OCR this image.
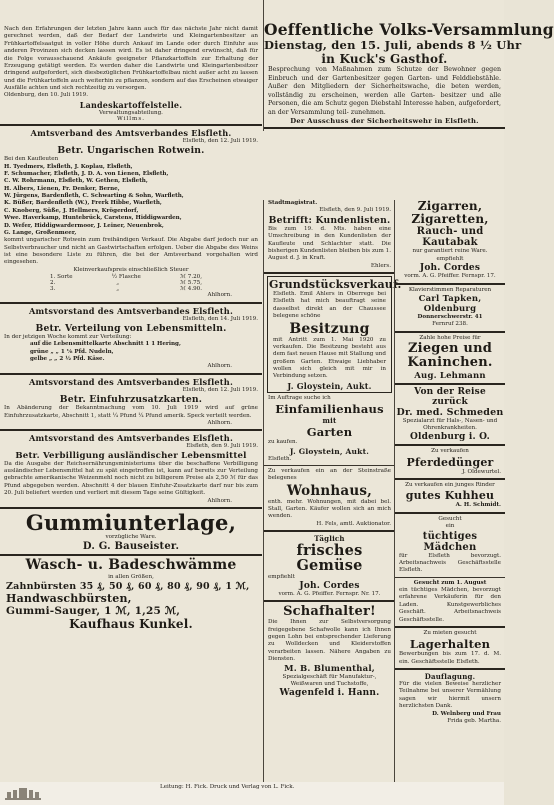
Nach den Erfahrungen der letzten Jahre kann auch für das nächste Jahr nicht damit gerechnet werden, daß der Bedarf der Landwirte und Kleingartenbesitzer an Frühkartoffelsaatgut in voller Höhe durch Ankauf im Lande oder durch Einfuhr aus anderen Provinzen sich decken lassen wird. Es ist daher dringend erwünscht, daß für die Folge vorausschauend Ankäufe geeigneter Pflanzkartoffeln zur Erhaltung der Erzeugung getätigt werden. Es werden daher die Landwirte und Kleingartenbesitzer dringend aufgefordert, sich diesbezüglichen Frühkartoffelbau nicht außer acht zu lassen und die Frühkartoffeln auch weiterhin zu pflanzen, sondern auf das Erscheinen etwaiger Ausfälle achten und sich rechtzeitig zu versorgen.
Oldenburg, den 10. Juli 1919.
Landeskartoffelstelle.
Verwaltungsabteilung.
Willms.
Amtsverband des Amtsverbandes Elsfleth.
Elsfleth, den 12. Juli 1919.
Betr. Ungarischen Rotwein.
Bei den Kaufleuten
H. Tyedmers, Elsfleth, J. Koplau, Elsfleth,
F. Schumacher, Elsfleth, J. D. A. von Lienen, Elsfleth,
C. W. Rohrmann, Elsfleth, W. Gethen, Elsfleth,
H. Albers, Lienen, Fr. Denker, Berne,
W. Jürgens, Bardenfleth, C. Schwarting & Sohn, Warfleth,
K. Büßer, Bardenfleth (W.), Frerk Hibbe, Warfleth,
C. Knoberg, Süße, J. Hellmers, Krögerdorf,
Wwe. Haverkamp, Huntebrück, Carstens, Hiddigwarden,
D. Wefer, Hiddigwardermoor, J. Leiner, Neuenbrok,
G. Lange, Großenmeer,
kommt ungarischer Rotwein zum freihändigen Verkauf. Die Abgabe darf jedoch nur an Selbstverbraucher und nicht an Gastwirtschaften erfolgen. Ueber die Abgabe des Weins ist eine besondere Liste zu führen, die bei der Amtsverband vorgehalten wird eingesehen.
Kleinverkaufspreis einschließlich Steuer
1. Sorte	½ Flasche	ℳ 7.20,
2.	„	ℳ 5.75,
3.	„	ℳ 4.90.
Ahlhorn.
Amtsvorstand des Amtsverbandes Elsfleth.
Elsfleth, den 14. Juli 1919.
Betr. Verteilung von Lebensmitteln.
In der jetzigen Woche kommt zur Verteilung:
auf die Lebensmittelkarte Abschnitt 1 1 Hering,
grüne „ „ 1 ⅛ Pfd. Nudeln,
gelbe „ „ 2 ½ Pfd. Käse.
Ahlhorn.
Amtsvorstand des Amtsverbandes Elsfleth.
Elsfleth, den 12. Juli 1919.
Betr. Einfuhrzusatzkarten.
In Abänderung der Bekanntmachung vom 10. Juli 1919 wird auf grüne Einfuhrzusatzkarte, Abschnitt 1, statt ¼ Pfund ¼ Pfund amerik. Speck verteilt werden.
Ahlhorn.
Amtsvorstand des Amtsverbandes Elsfleth.
Elsfleth, den 9. Juli 1919.
Betr. Verbilligung ausländischer Lebensmittel
Da die Ausgabe der Reichsernährungsministeriums über die beschaffene Verbilligung ausländischer Lebensmittel hat zu spät eingetroffen ist, kann auf bereits zur Verteilung gebrachte amerikanische Weizenmehl noch nicht zu billigerem Preise als 2,50 ℳ für das Pfund abgegeben werden. Abschnitt 4 der blauen Einfuhr-Zusatzkarte darf nur bis zum 20. Juli beliefert werden und verliert mit diesem Tage seine Gültigkeit.
Ahlhorn.
Gummiunterlage,
vorzügliche Ware.
D. G. Bauseister.
Wasch- u. Badeschwämme
in allen Größen,
Zahnbürsten 35 ₰, 50 ₰, 60 ₰, 80 ₰, 90 ₰, 1 ℳ,
Handwaschbürsten,
Gummi-Sauger, 1 ℳ, 1,25 ℳ,
Kaufhaus Kunkel.
Oeffentliche Volks-Versammlung
Dienstag, den 15. Juli, abends 8 ½ Uhr
in Kuck's Gasthof.
Besprechung von Maßnahmen zum Schutze der Bewohner gegen Einbruch und der Gartenbesitzer gegen Garten- und Felddiebstähle. Außer den Mitgliedern der Sicherheitswache, die beten werden, vollständig zu erscheinen, werden alle Garten- besitzer und alle Personen, die am Schutz gegen Diebstahl Interesse haben, aufgefordert, an der Versammlung teil- zunehmen.
Der Ausschuss der Sicherheitswehr in Elsfleth.
Stadtmagistrat.
Elsfleth, den 9. Juli 1919.
Betrifft: Kundenlisten.
Bis zum 19. d. Mts. haben eine Umschreibung in den Kundenlisten der Kaufleute und Schlachter statt. Die bisherigen Kundenlisten bleiben bis zum 1. August d. J. in Kraft.
Ehlers.
Grundstücksverkauf.
Elsfleth. Emil Ahlers in Oberrege bei Elsfleth hat mich beauftragt seine dasselbst direkt an der Chaussee belegene schöne
Besitzung
mit Antritt zum 1. Mai 1920 zu verkaufen. Die Besitzung besteht aus dem fast neuen Hause mit Stallung und großem Garten. Etwaige Liebhaber wollen sich gleich mit mir in Verbindung setzen.
J. Gloystein, Aukt.
Im Auftrage suche ich
Einfamilienhaus
mit
Garten
zu kaufen.
J. Gloystein, Aukt.
Elsfleth.
Zu verkaufen ein an der Steinstraße belegenes
Wohnhaus,
enth. mehr. Wohnungen, mit dabei bel. Stall, Garten. Käufer wollen sich an mich wenden.
H. Fels, amtl. Auktionator.
Täglich
frisches Gemüse
empfiehlt
Joh. Cordes
vorm. A. G. Pfeiffer. Fernspr. Nr. 17.
Schafhalter!
Die Ihnen zur Selbstversorgung freigegebene Schafwolle kann ich Ihnen gegen Lohn bei entsprechender Lieferung zu Wolldecken und Kleiderstoffen verarbeiten lassen. Nähere Angaben zu Diensten.
M. B. Blumenthal,
Spezialgeschäft für Manufaktur-, Weißwaren und Tuchstoffe,
Wagenfeld i. Hann.
Zigarren,
Zigaretten,
Rauch- und Kautabak
nur garantiert reine Ware. empfiehlt
Joh. Cordes
vorm. A. G. Pfeiffer. Fernspr. 17.
Klavierstimmen Reparaturen
Carl Tapken, Oldenburg
Donnerschwerstr. 41
Fernruf 238.
Zahle hohe Preise für
Ziegen und
Kaninchen.
Aug. Lehmann
Von der Reise zurück
Dr. med. Schmeden
Spezialarzt für Hals-, Nasen- und Ohrenkrankheiten.
Oldenburg i. O.
Zu verkaufen
Pferdedünger
J. Oldewurtel.
Zu verkaufen ein junges Rinder
gutes Kuhheu
A. H. Schmidt.
Gesucht
ein
tüchtiges Mädchen
für Elsfleth bevorzugt. Arbeitsnachweis Geschäftsstelle Elsfleth.
Gesucht zum 1. August
ein tüchtiges Mädchen, bevorzugt erfahrene Verkäuferin für den Laden. Kunstgewerbliches Geschäft. Arbeitsnachweis Geschäftsstelle.
Zu mieten gesucht
Lagerhalten
Bewerbungen bis zum 17. d. M. ein. Geschäftsstelle Elsfleth.
Dauflagung.
Für die vielen Beweise herzlicher Teilnahme bei unserer Vermählung sagen wir hiermit unsern herzlichsten Dank.
D. Welnberg und Frau
Frida geb. Martha.
Leitung: H. Fick. Druck und Verlag von L. Fick.
